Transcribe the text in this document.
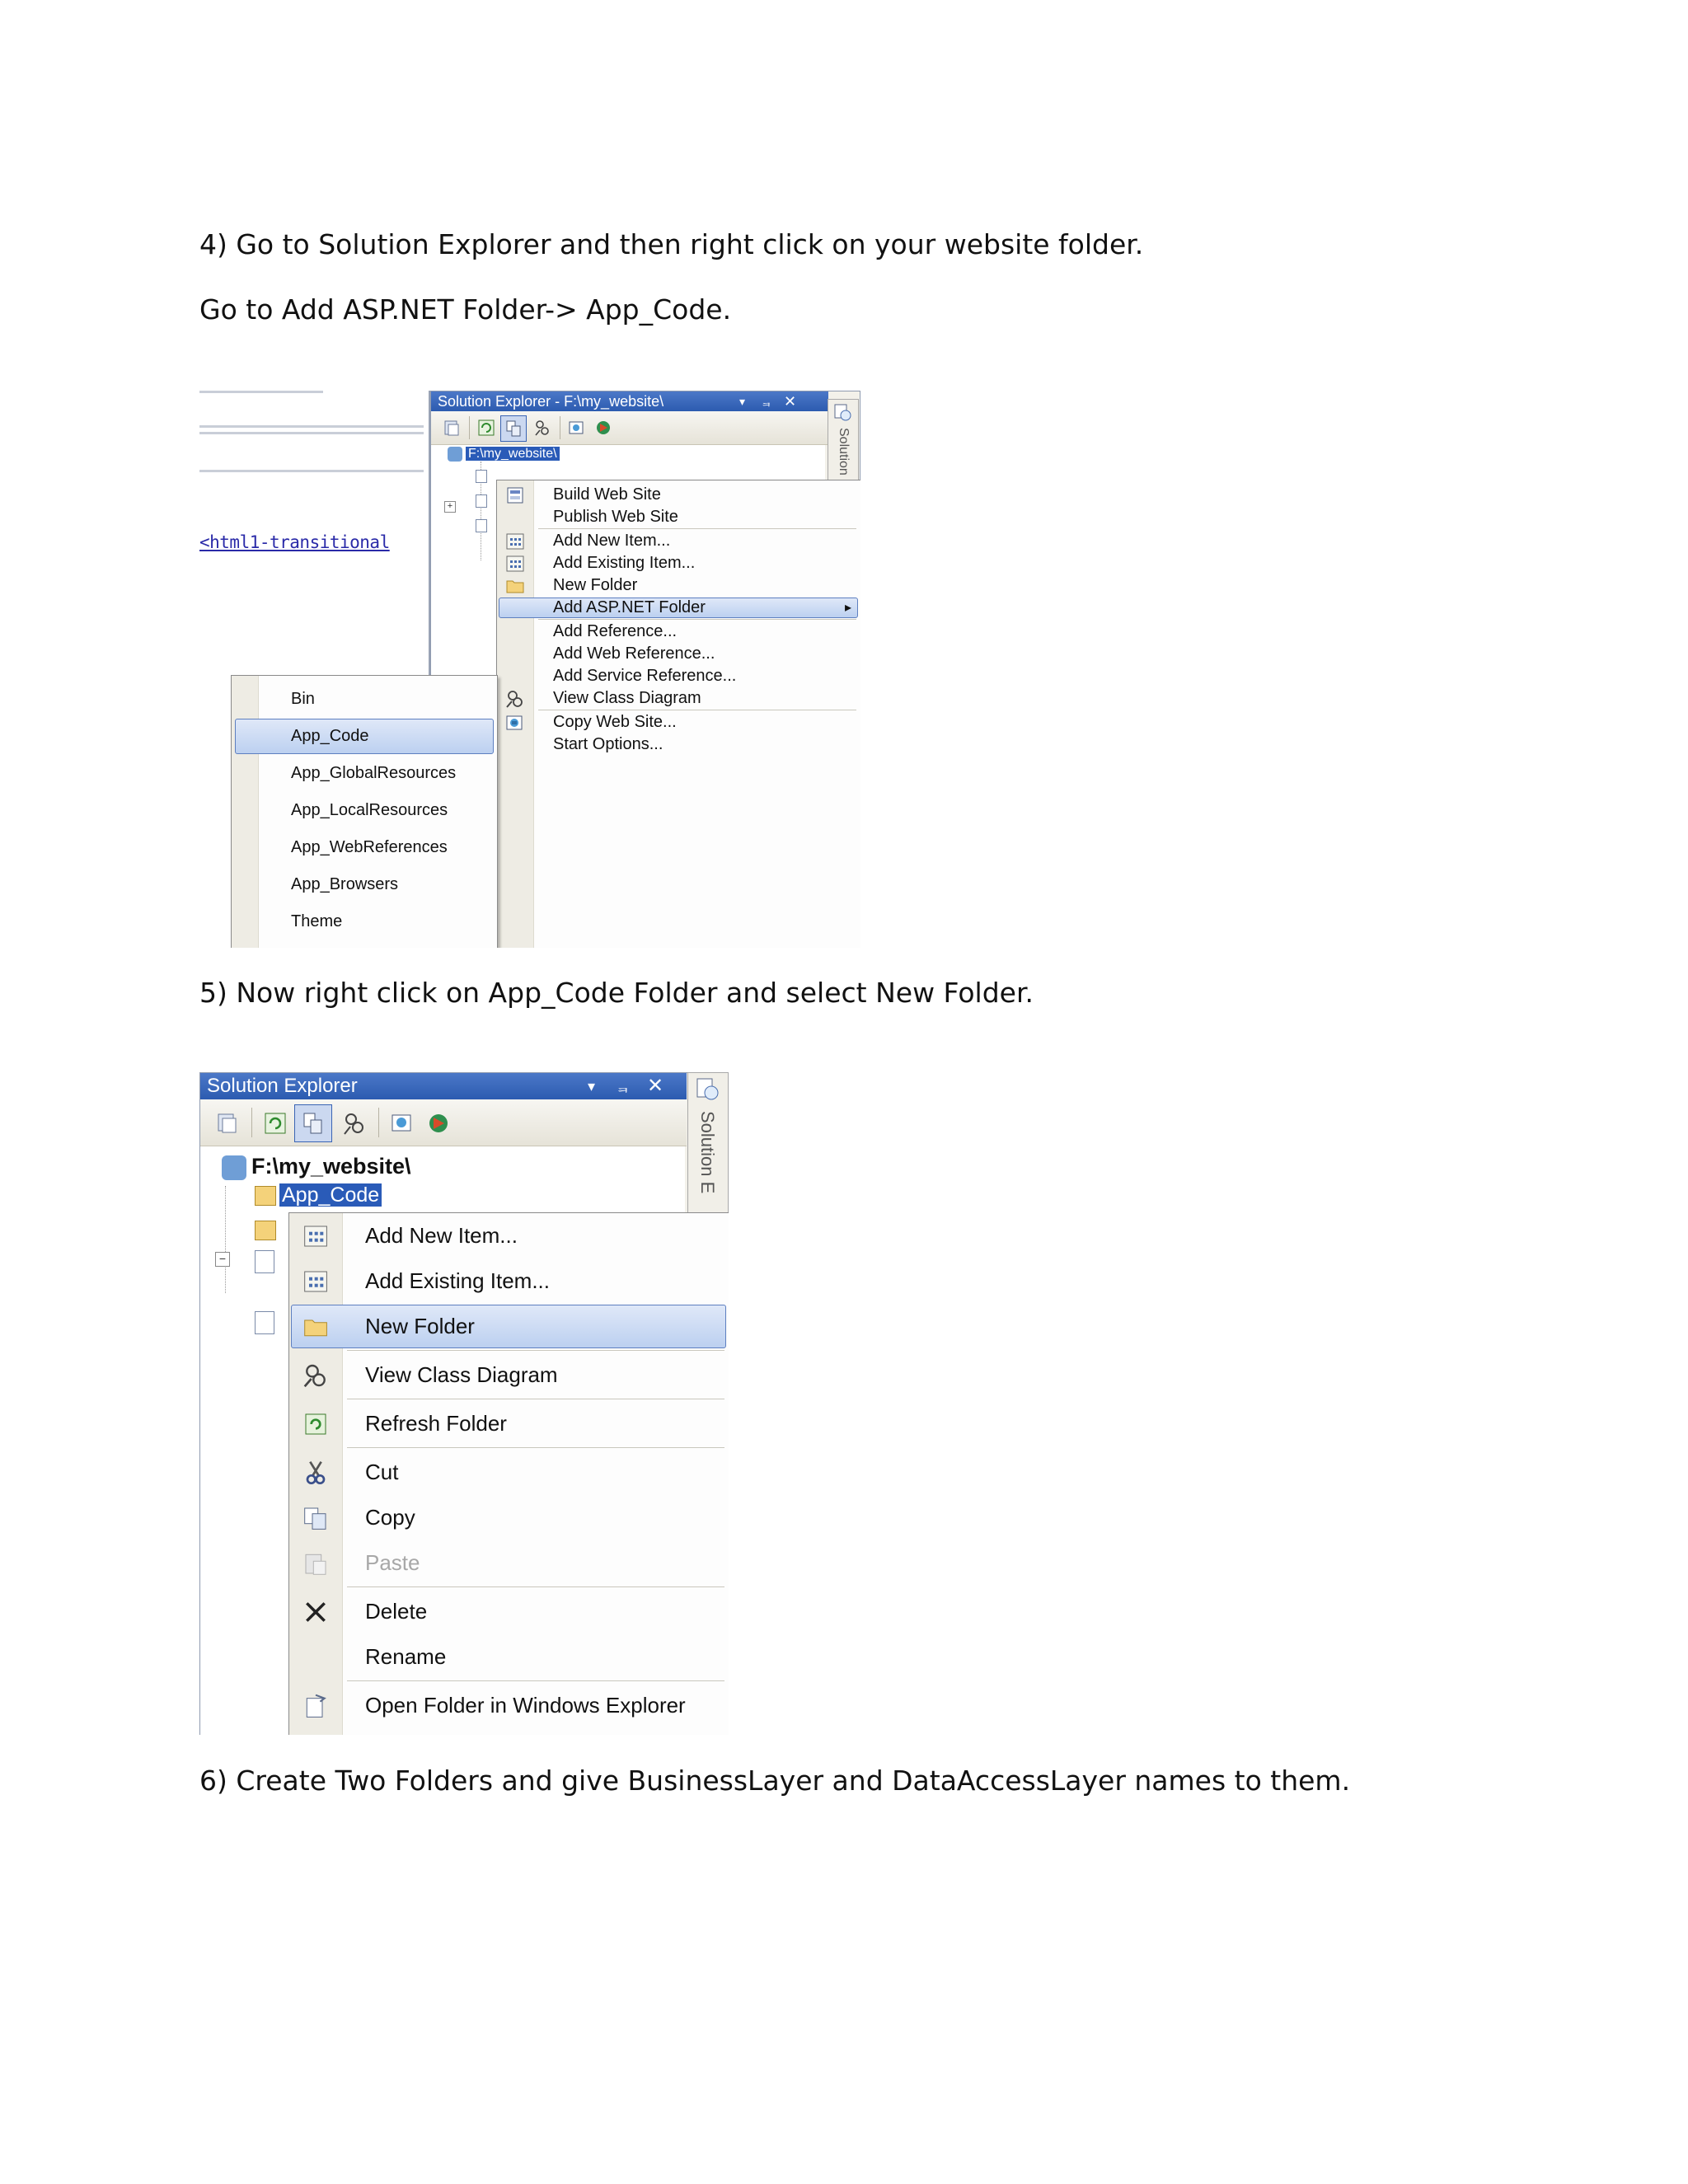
4) Go to Solution Explorer and then right click on your website folder.

Go to Add ASP.NET Folder-> App_Code.

5) Now right click on App_Code Folder and select New Folder.

6) Create Two Folders and give BusinessLayer and DataAccessLayer names to them.

<html1-transitional
Solution Explorer - F:\my_website\	▾ ᆿ ✕
F:\my_website\
+
Solution
Build Web Site
Publish Web Site
Add New Item...
Add Existing Item...
New Folder
Add ASP.NET Folder	▸
Add Reference...
Add Web Reference...
Add Service Reference...
View Class Diagram
Copy Web Site...
Start Options...
Bin
App_Code
App_GlobalResources
App_LocalResources
App_WebReferences
App_Browsers
Theme
Solution Explorer	▾ ᆿ ✕
F:\my_website\
App_Code
−
Solution E
Add New Item...
Add Existing Item...
New Folder
View Class Diagram
Refresh Folder
Cut
Copy
Paste
Delete
Rename
Open Folder in Windows Explorer
